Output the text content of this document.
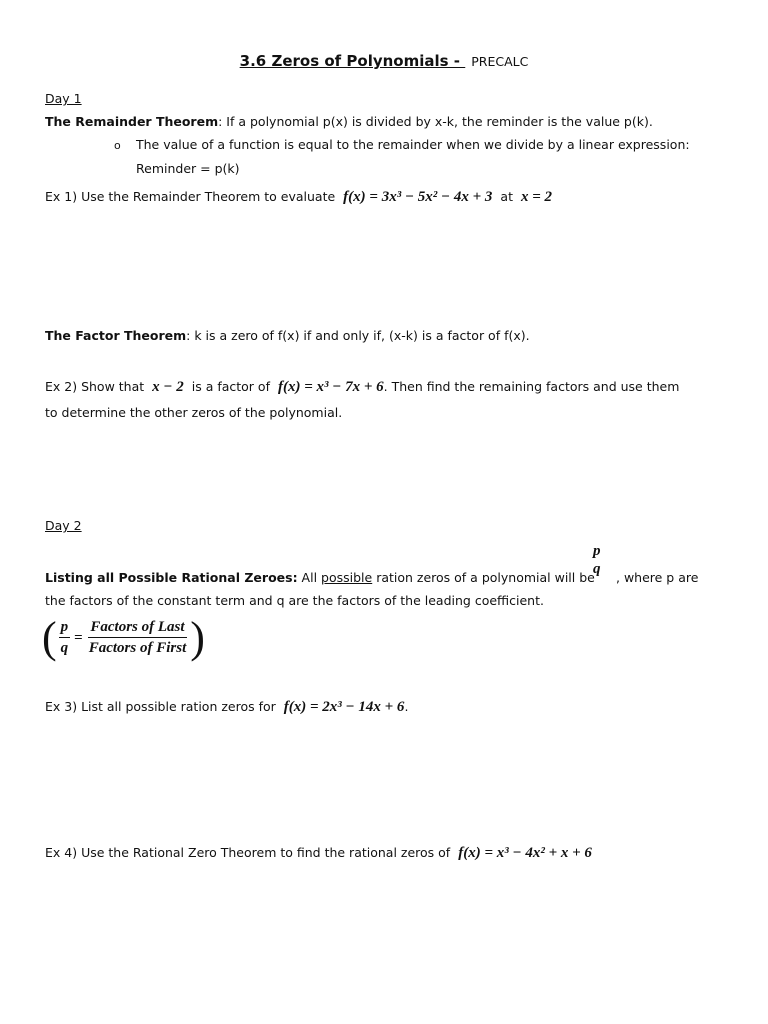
3.6 Zeros of Polynomials - PRECALC
Day 1
The Remainder Theorem: If a polynomial p(x) is divided by x-k, the reminder is the value p(k).
o The value of a function is equal to the remainder when we divide by a linear expression:
Reminder = p(k)
Ex 1) Use the Remainder Theorem to evaluate f(x) = 3x³ − 5x² − 4x + 3 at x = 2
The Factor Theorem: k is a zero of f(x) if and only if, (x-k) is a factor of f(x).
Ex 2) Show that x − 2 is a factor of f(x) = x³ − 7x + 6. Then find the remaining factors and use them
to determine the other zeros of the polynomial.
Day 2
p
q
Listing all Possible Rational Zeroes: All possible ration zeros of a polynomial will be , where p are
the factors of the constant term and q are the factors of the leading coefficient.
( $\frac{p}{q} = \frac{\text{Factors of Last}}{\text{Factors of First}}$ )
Ex 3) List all possible ration zeros for f(x) = 2x³ − 14x + 6.
Ex 4) Use the Rational Zero Theorem to find the rational zeros of f(x) = x³ − 4x² + x + 6
